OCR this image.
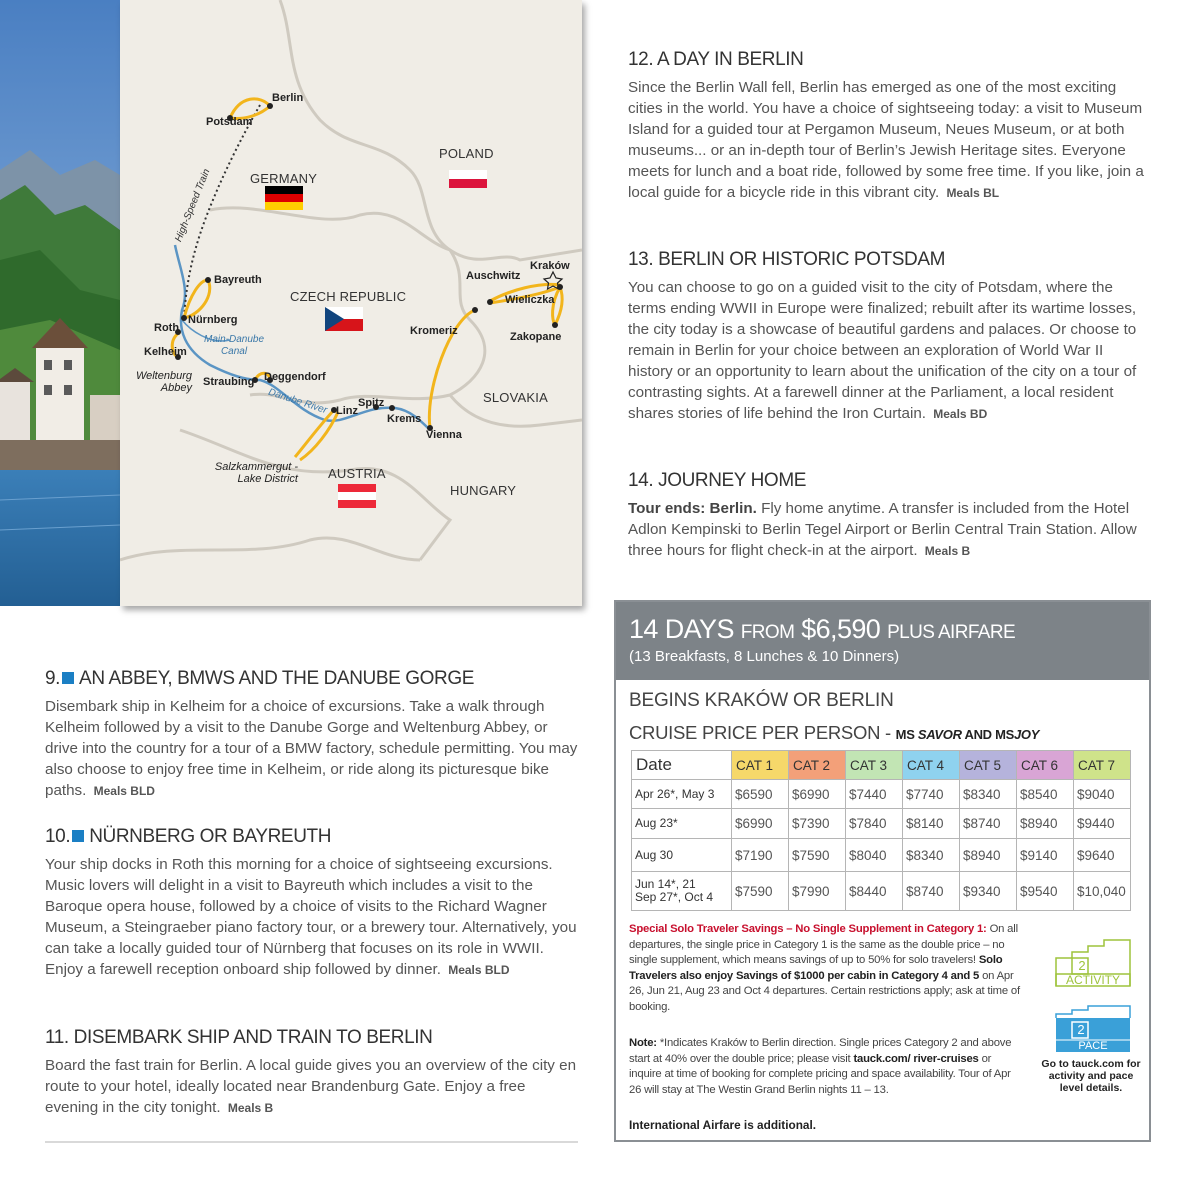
Berlin
Potsdam
High-Speed Train
Bayreuth
Roth
Nürnberg
Main-Danube
Canal
Kelheim
Weltenburg
Abbey Straubing Deggendorf
Danube River Linz
Spitz
Krems
Vienna
Salzkammergut -
Lake District
Kraków
Auschwitz
Wieliczka
Zakopane
Kromeriz
GERMANY
POLAND
CZECH REPUBLIC
SLOVAKIA
AUSTRIA
HUNGARY
9. AN ABBEY, BMWS AND THE DANUBE GORGE

Disembark ship in Kelheim for a choice of excursions. Take a walk through Kelheim followed by a visit to the Danube Gorge and Weltenburg Abbey, or drive into the country for a tour of a BMW factory, schedule permitting. You may also choose to enjoy free time in Kelheim, or ride along its picturesque bike paths. Meals BLD

10. NÜRNBERG OR BAYREUTH

Your ship docks in Roth this morning for a choice of sightseeing excursions. Music lovers will delight in a visit to Bayreuth which includes a visit to the Baroque opera house, followed by a choice of visits to the Richard Wagner Museum, a Steingraeber piano factory tour, or a brewery tour. Alternatively, you can take a locally guided tour of Nürnberg that focuses on its role in WWII. Enjoy a farewell reception onboard ship followed by dinner. Meals BLD

11. DISEMBARK SHIP AND TRAIN TO BERLIN

Board the fast train for Berlin. A local guide gives you an overview of the city en route to your hotel, ideally located near Brandenburg Gate. Enjoy a free evening in the city tonight. Meals B

12. A DAY IN BERLIN

Since the Berlin Wall fell, Berlin has emerged as one of the most exciting cities in the world. You have a choice of sightseeing today: a visit to Museum Island for a guided tour at Pergamon Museum, Neues Museum, or at both museums... or an in-depth tour of Berlin’s Jewish Heritage sites. Everyone meets for lunch and a boat ride, followed by some free time. If you like, join a local guide for a bicycle ride in this vibrant city. Meals BL

13. BERLIN OR HISTORIC POTSDAM

You can choose to go on a guided visit to the city of Potsdam, where the terms ending WWII in Europe were finalized; rebuilt after its wartime losses, the city today is a showcase of beautiful gardens and palaces. Or choose to remain in Berlin for your choice between an exploration of World War II history or an opportunity to learn about the unification of the city on a tour of contrasting sights. At a farewell dinner at the Parliament, a local resident shares stories of life behind the Iron Curtain. Meals BD

14. JOURNEY HOME

Tour ends: Berlin. Fly home anytime. A transfer is included from the Hotel Adlon Kempinski to Berlin Tegel Airport or Berlin Central Train Station. Allow three hours for flight check-in at the airport. Meals B

14 DAYS FROM $6,590 PLUS AIRFARE
(13 Breakfasts, 8 Lunches & 10 Dinners)
BEGINS KRAKÓW OR BERLIN
CRUISE PRICE PER PERSON - MS SAVOR AND MSJOY
Date	CAT 1	CAT 2	CAT 3	CAT 4	CAT 5	CAT 6	CAT 7
Apr 26*, May 3	$6590	$6990	$7440	$7740	$8340	$8540	$9040
Aug 23*	$6990	$7390	$7840	$8140	$8740	$8940	$9440
Aug 30	$7190	$7590	$8040	$8340	$8940	$9140	$9640
Jun 14*, 21
Sep 27*, Oct 4	$7590	$7990	$8440	$8740	$9340	$9540	$10,040
Special Solo Traveler Savings – No Single Supplement in Category 1: On all departures, the single price in Category 1 is the same as the double price – no single supplement, which means savings of up to 50% for solo travelers! Solo Travelers also enjoy Savings of $1000 per cabin in Category 4 and 5 on Apr 26, Jun 21, Aug 23 and Oct 4 departures. Certain restrictions apply; ask at time of booking.
Note: *Indicates Kraków to Berlin direction. Single prices Category 2 and above start at 40% over the double price; please visit tauck.com/ river-cruises or inquire at time of booking for complete pricing and space availability. Tour of Apr 26 will stay at The Westin Grand Berlin nights 11 – 13.
International Airfare is additional.
2
ACTIVITY
2
PACE
Go to tauck.com for activity and pace level details.
